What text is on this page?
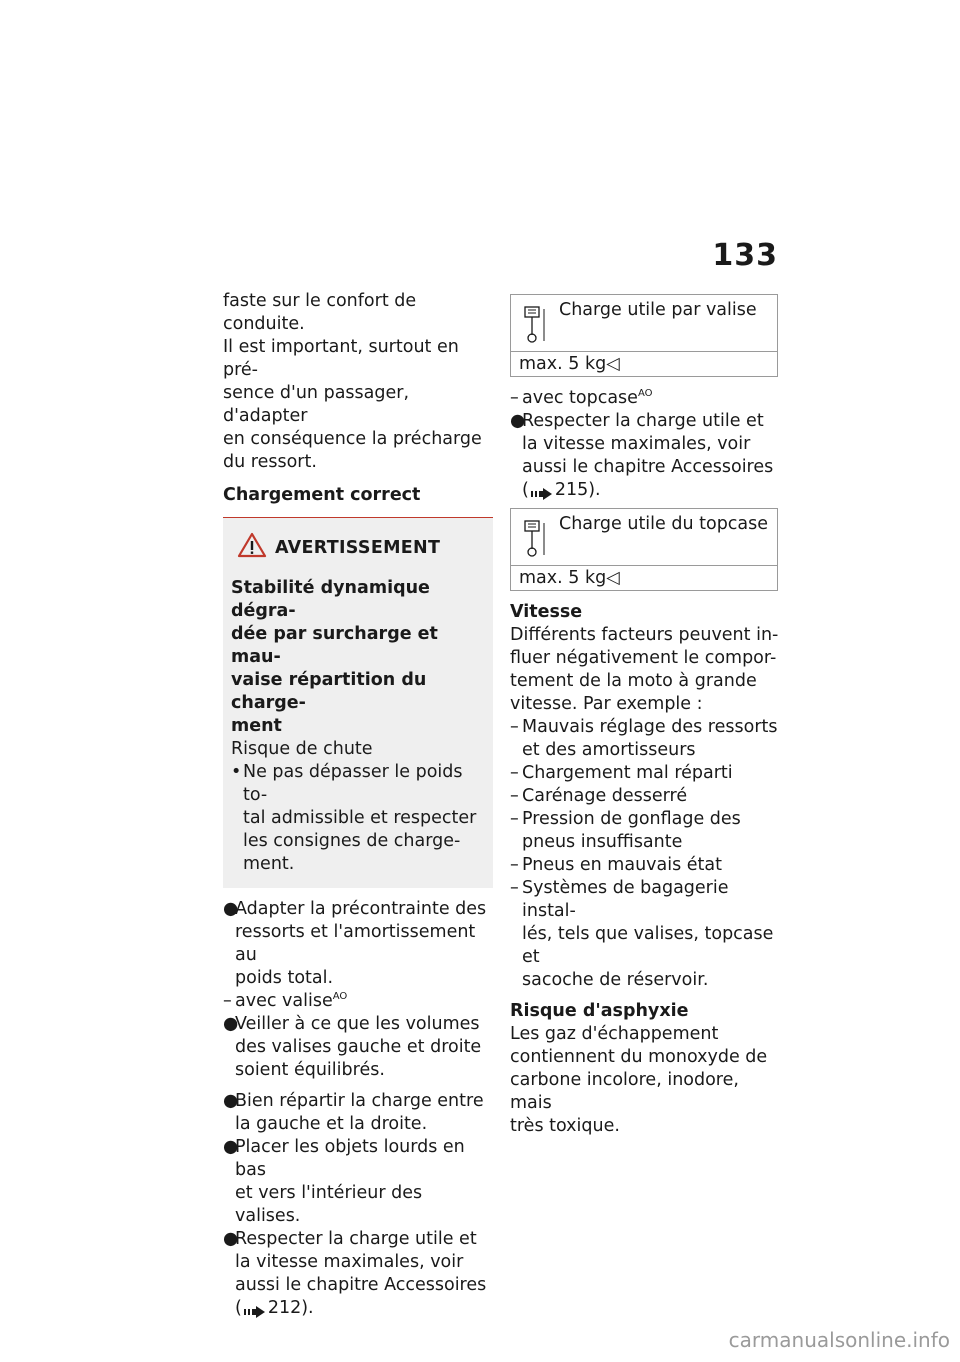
133

faste sur le confort de conduite.
Il est important, surtout en pré-
sence d'un passager, d'adapter
en conséquence la précharge
du ressort.

Chargement correct

AVERTISSEMENT

Stabilité dynamique dégra-
dée par surcharge et mau-
vaise répartition du charge-
ment

Risque de chute

• Ne pas dépasser le poids to-
tal admissible et respecter
les consignes de charge-
ment.
●
Adapter la précontrainte des
ressorts et l'amortissement au
poids total.
– avec valise$^{AO}$
●
Veiller à ce que les volumes
des valises gauche et droite
soient équilibrés.
●
Bien répartir la charge entre
la gauche et la droite.
●
Placer les objets lourds en bas
et vers l'intérieur des valises.
●
Respecter la charge utile et
la vitesse maximales, voir
aussi le chapitre Accessoires
( 212).
Charge utile par valise
max. 5 kg◁
– avec topcase$^{AO}$
●
Respecter la charge utile et
la vitesse maximales, voir
aussi le chapitre Accessoires
( 215).
Charge utile du topcase
max. 5 kg◁

Vitesse

Différents facteurs peuvent in-
fluer négativement le compor-
tement de la moto à grande
vitesse. Par exemple :

– Mauvais réglage des ressorts
et des amortisseurs
– Chargement mal réparti
– Carénage desserré
– Pression de gonflage des
pneus insuffisante
– Pneus en mauvais état
– Systèmes de bagagerie instal-
lés, tels que valises, topcase et
sacoche de réservoir.

Risque d'asphyxie

Les gaz d'échappement
contiennent du monoxyde de
carbone incolore, inodore, mais
très toxique.

carmanualsonline.info
